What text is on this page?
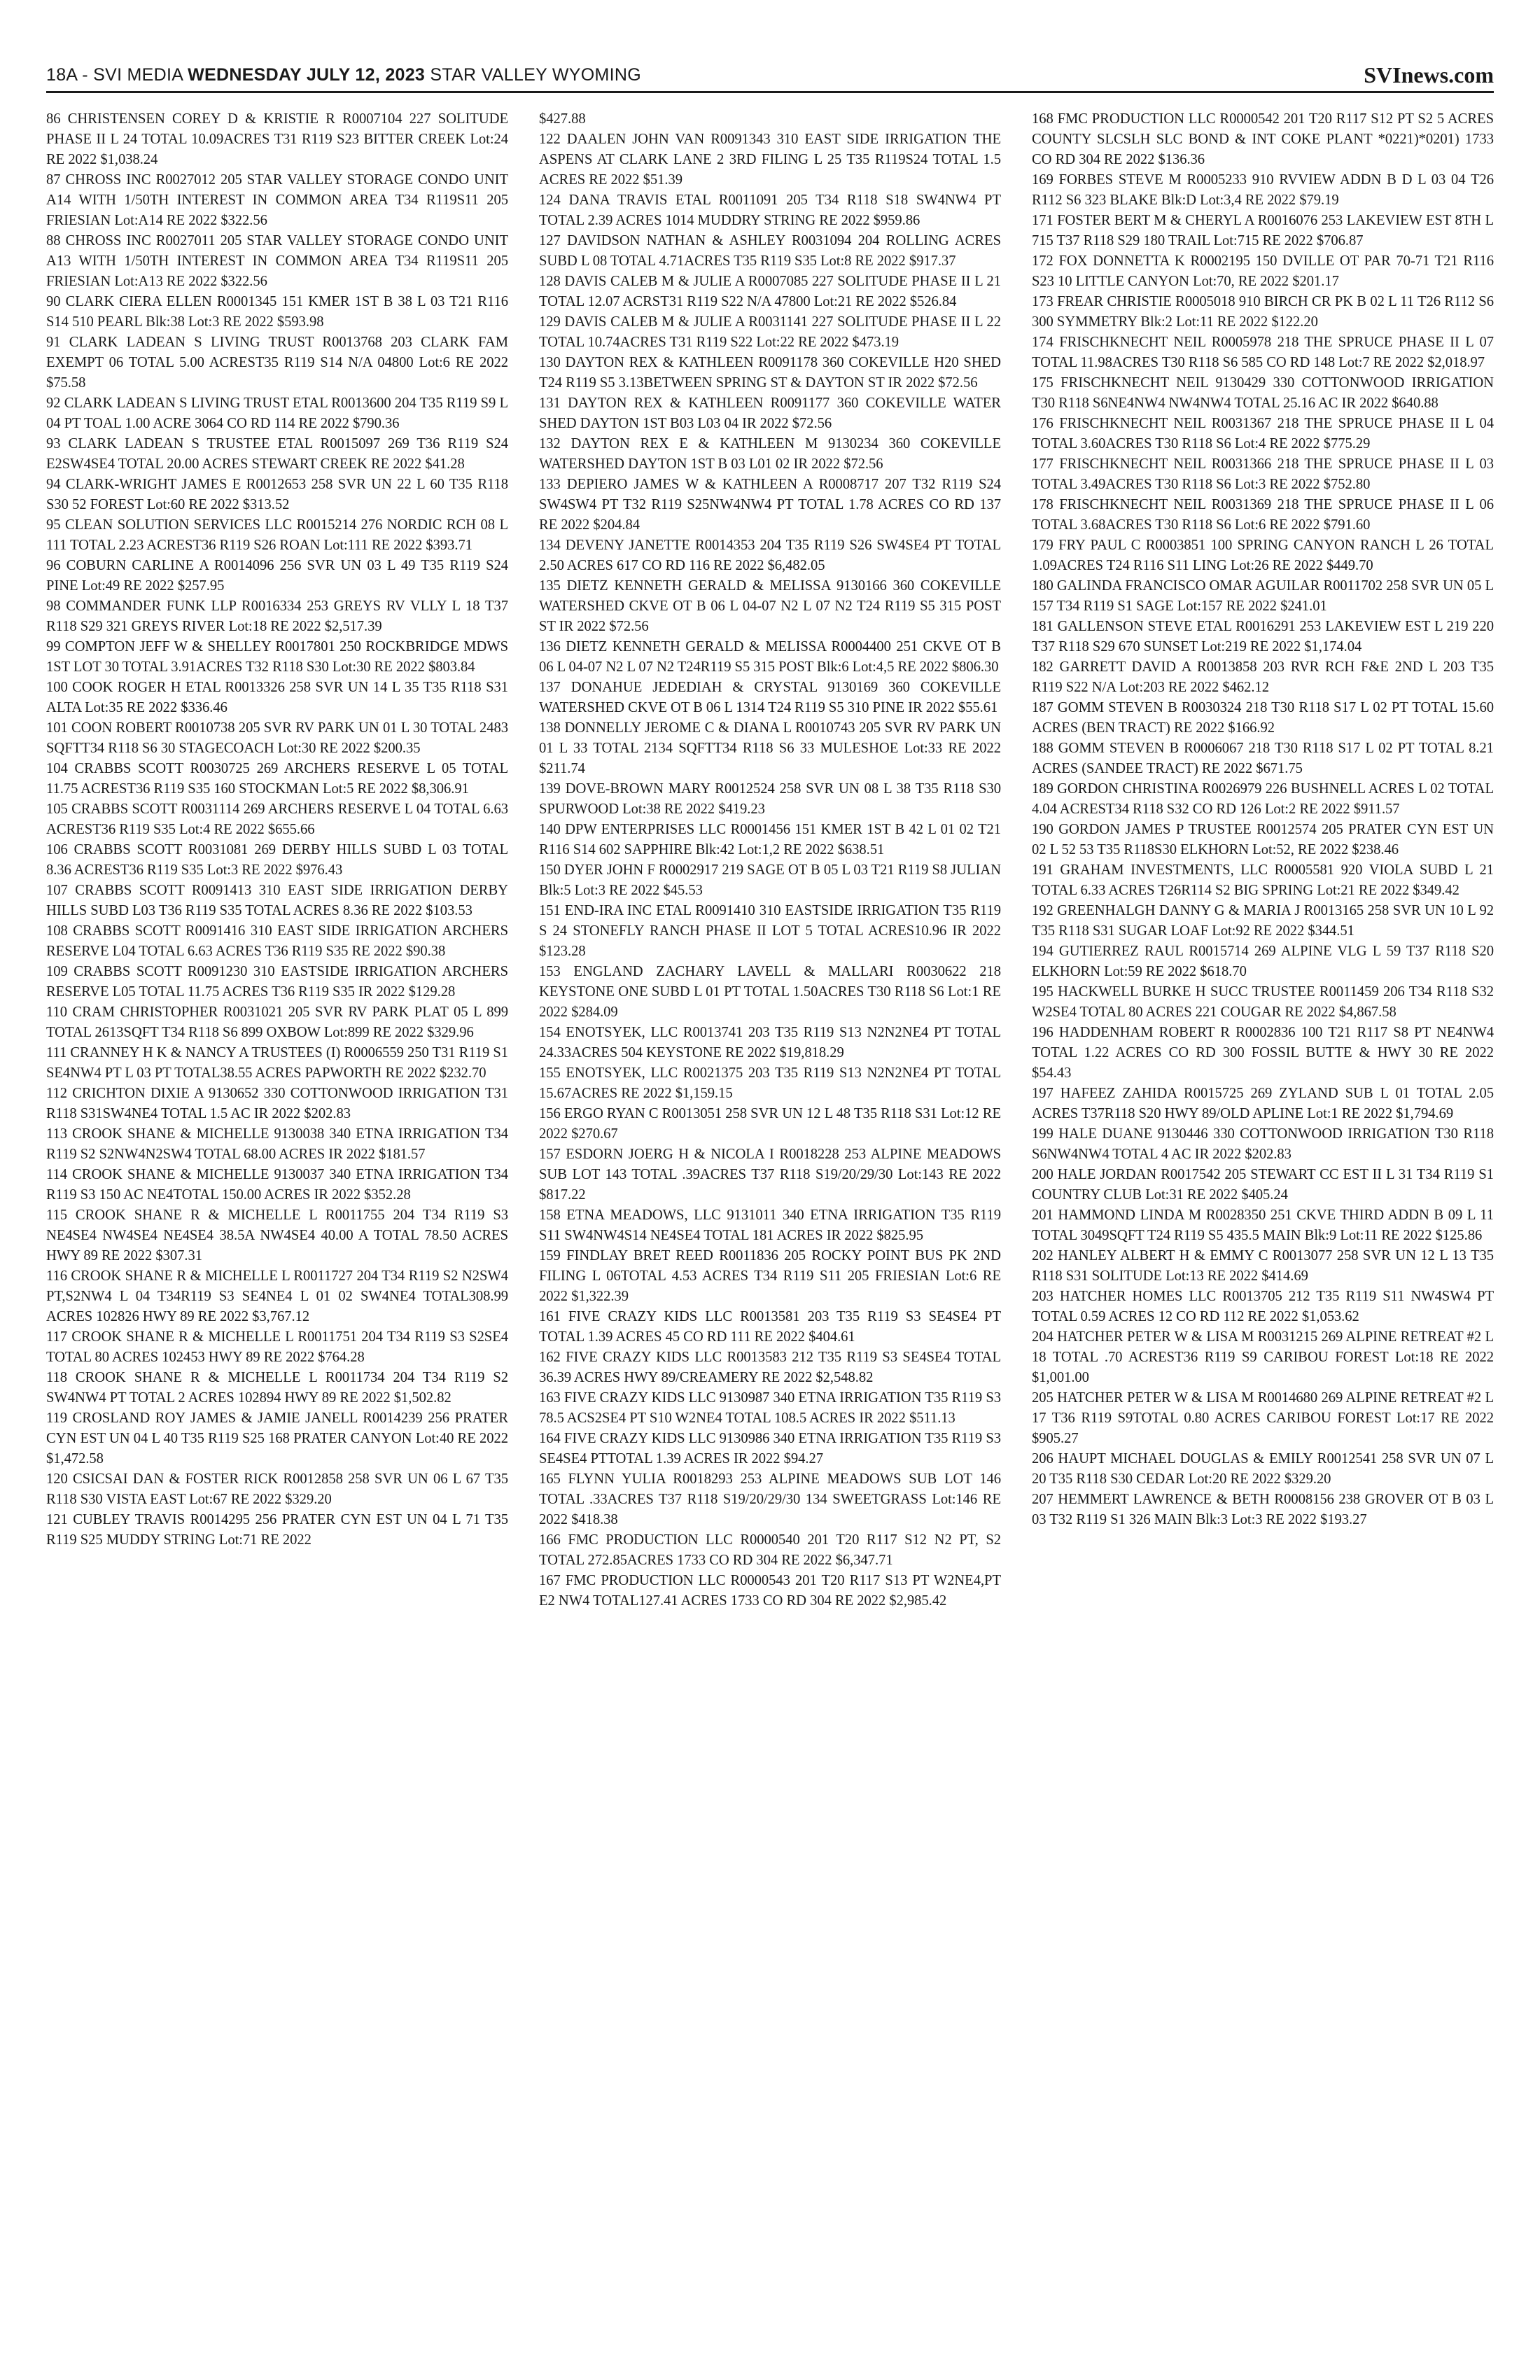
18A - SVI MEDIA WEDNESDAY JULY 12, 2023 STAR VALLEY WYOMING	SVInews.com

86 CHRISTENSEN COREY D & KRISTIE R R0007104 227 SOLITUDE PHASE II L 24 TOTAL 10.09ACRES T31 R119 S23 BITTER CREEK Lot:24 RE 2022 $1,038.24

87 CHROSS INC R0027012 205 STAR VALLEY STORAGE CONDO UNIT A14 WITH 1/50TH INTEREST IN COMMON AREA T34 R119S11 205 FRIESIAN Lot:A14 RE 2022 $322.56

88 CHROSS INC R0027011 205 STAR VALLEY STORAGE CONDO UNIT A13 WITH 1/50TH INTEREST IN COMMON AREA T34 R119S11 205 FRIESIAN Lot:A13 RE 2022 $322.56

90 CLARK CIERA ELLEN R0001345 151 KMER 1ST B 38 L 03 T21 R116 S14 510 PEARL Blk:38 Lot:3 RE 2022 $593.98

91 CLARK LADEAN S LIVING TRUST R0013768 203 CLARK FAM EXEMPT 06 TOTAL 5.00 ACREST35 R119 S14 N/A 04800 Lot:6 RE 2022 $75.58

92 CLARK LADEAN S LIVING TRUST ETAL R0013600 204 T35 R119 S9 L 04 PT TOAL 1.00 ACRE 3064 CO RD 114 RE 2022 $790.36

93 CLARK LADEAN S TRUSTEE ETAL R0015097 269 T36 R119 S24 E2SW4SE4 TOTAL 20.00 ACRES STEWART CREEK RE 2022 $41.28

94 CLARK-WRIGHT JAMES E R0012653 258 SVR UN 22 L 60 T35 R118 S30 52 FOREST Lot:60 RE 2022 $313.52

95 CLEAN SOLUTION SERVICES LLC R0015214 276 NORDIC RCH 08 L 111 TOTAL 2.23 ACREST36 R119 S26 ROAN Lot:111 RE 2022 $393.71

96 COBURN CARLINE A R0014096 256 SVR UN 03 L 49 T35 R119 S24 PINE Lot:49 RE 2022 $257.95

98 COMMANDER FUNK LLP R0016334 253 GREYS RV VLLY L 18 T37 R118 S29 321 GREYS RIVER Lot:18 RE 2022 $2,517.39

99 COMPTON JEFF W & SHELLEY R0017801 250 ROCKBRIDGE MDWS 1ST LOT 30 TOTAL 3.91ACRES T32 R118 S30 Lot:30 RE 2022 $803.84

100 COOK ROGER H ETAL R0013326 258 SVR UN 14 L 35 T35 R118 S31 ALTA Lot:35 RE 2022 $336.46

101 COON ROBERT R0010738 205 SVR RV PARK UN 01 L 30 TOTAL 2483 SQFTT34 R118 S6 30 STAGECOACH Lot:30 RE 2022 $200.35

104 CRABBS SCOTT R0030725 269 ARCHERS RESERVE L 05 TOTAL 11.75 ACREST36 R119 S35 160 STOCKMAN Lot:5 RE 2022 $8,306.91

105 CRABBS SCOTT R0031114 269 ARCHERS RESERVE L 04 TOTAL 6.63 ACREST36 R119 S35 Lot:4 RE 2022 $655.66

106 CRABBS SCOTT R0031081 269 DERBY HILLS SUBD L 03 TOTAL 8.36 ACREST36 R119 S35 Lot:3 RE 2022 $976.43

107 CRABBS SCOTT R0091413 310 EAST SIDE IRRIGATION DERBY HILLS SUBD L03 T36 R119 S35 TOTAL ACRES 8.36 RE 2022 $103.53

108 CRABBS SCOTT R0091416 310 EAST SIDE IRRIGATION ARCHERS RESERVE L04 TOTAL 6.63 ACRES T36 R119 S35 RE 2022 $90.38

109 CRABBS SCOTT R0091230 310 EASTSIDE IRRIGATION ARCHERS RESERVE L05 TOTAL 11.75 ACRES T36 R119 S35 IR 2022 $129.28

110 CRAM CHRISTOPHER R0031021 205 SVR RV PARK PLAT 05 L 899 TOTAL 2613SQFT T34 R118 S6 899 OXBOW Lot:899 RE 2022 $329.96

111 CRANNEY H K & NANCY A TRUSTEES (I) R0006559 250 T31 R119 S1 SE4NW4 PT L 03 PT TOTAL38.55 ACRES PAPWORTH RE 2022 $232.70

112 CRICHTON DIXIE A 9130652 330 COTTONWOOD IRRIGATION T31 R118 S31SW4NE4 TOTAL 1.5 AC IR 2022 $202.83

113 CROOK SHANE & MICHELLE 9130038 340 ETNA IRRIGATION T34 R119 S2 S2NW4N2SW4 TOTAL 68.00 ACRES IR 2022 $181.57

114 CROOK SHANE & MICHELLE 9130037 340 ETNA IRRIGATION T34 R119 S3 150 AC NE4TOTAL 150.00 ACRES IR 2022 $352.28

115 CROOK SHANE R & MICHELLE L R0011755 204 T34 R119 S3 NE4SE4 NW4SE4 NE4SE4 38.5A NW4SE4 40.00 A TOTAL 78.50 ACRES HWY 89 RE 2022 $307.31

116 CROOK SHANE R & MICHELLE L R0011727 204 T34 R119 S2 N2SW4 PT,S2NW4 L 04 T34R119 S3 SE4NE4 L 01 02 SW4NE4 TOTAL308.99 ACRES 102826 HWY 89 RE 2022 $3,767.12

117 CROOK SHANE R & MICHELLE L R0011751 204 T34 R119 S3 S2SE4 TOTAL 80 ACRES 102453 HWY 89 RE 2022 $764.28

118 CROOK SHANE R & MICHELLE L R0011734 204 T34 R119 S2 SW4NW4 PT TOTAL 2 ACRES 102894 HWY 89 RE 2022 $1,502.82

119 CROSLAND ROY JAMES & JAMIE JANELL R0014239 256 PRATER CYN EST UN 04 L 40 T35 R119 S25 168 PRATER CANYON Lot:40 RE 2022 $1,472.58

120 CSICSAI DAN & FOSTER RICK R0012858 258 SVR UN 06 L 67 T35 R118 S30 VISTA EAST Lot:67 RE 2022 $329.20

121 CUBLEY TRAVIS R0014295 256 PRATER CYN EST UN 04 L 71 T35 R119 S25 MUDDY STRING Lot:71 RE 2022

$427.88

122 DAALEN JOHN VAN R0091343 310 EAST SIDE IRRIGATION THE ASPENS AT CLARK LANE 2 3RD FILING L 25 T35 R119S24 TOTAL 1.5 ACRES RE 2022 $51.39

124 DANA TRAVIS ETAL R0011091 205 T34 R118 S18 SW4NW4 PT TOTAL 2.39 ACRES 1014 MUDDRY STRING RE 2022 $959.86

127 DAVIDSON NATHAN & ASHLEY R0031094 204 ROLLING ACRES SUBD L 08 TOTAL 4.71ACRES T35 R119 S35 Lot:8 RE 2022 $917.37

128 DAVIS CALEB M & JULIE A R0007085 227 SOLITUDE PHASE II L 21 TOTAL 12.07 ACRST31 R119 S22 N/A 47800 Lot:21 RE 2022 $526.84

129 DAVIS CALEB M & JULIE A R0031141 227 SOLITUDE PHASE II L 22 TOTAL 10.74ACRES T31 R119 S22 Lot:22 RE 2022 $473.19

130 DAYTON REX & KATHLEEN R0091178 360 COKEVILLE H20 SHED T24 R119 S5 3.13BETWEEN SPRING ST & DAYTON ST IR 2022 $72.56

131 DAYTON REX & KATHLEEN R0091177 360 COKEVILLE WATER SHED DAYTON 1ST B03 L03 04 IR 2022 $72.56

132 DAYTON REX E & KATHLEEN M 9130234 360 COKEVILLE WATERSHED DAYTON 1ST B 03 L01 02 IR 2022 $72.56

133 DEPIERO JAMES W & KATHLEEN A R0008717 207 T32 R119 S24 SW4SW4 PT T32 R119 S25NW4NW4 PT TOTAL 1.78 ACRES CO RD 137 RE 2022 $204.84

134 DEVENY JANETTE R0014353 204 T35 R119 S26 SW4SE4 PT TOTAL 2.50 ACRES 617 CO RD 116 RE 2022 $6,482.05

135 DIETZ KENNETH GERALD & MELISSA 9130166 360 COKEVILLE WATERSHED CKVE OT B 06 L 04-07 N2 L 07 N2 T24 R119 S5 315 POST ST IR 2022 $72.56

136 DIETZ KENNETH GERALD & MELISSA R0004400 251 CKVE OT B 06 L 04-07 N2 L 07 N2 T24R119 S5 315 POST Blk:6 Lot:4,5 RE 2022 $806.30

137 DONAHUE JEDEDIAH & CRYSTAL 9130169 360 COKEVILLE WATERSHED CKVE OT B 06 L 1314 T24 R119 S5 310 PINE IR 2022 $55.61

138 DONNELLY JEROME C & DIANA L R0010743 205 SVR RV PARK UN 01 L 33 TOTAL 2134 SQFTT34 R118 S6 33 MULESHOE Lot:33 RE 2022 $211.74

139 DOVE-BROWN MARY R0012524 258 SVR UN 08 L 38 T35 R118 S30 SPURWOOD Lot:38 RE 2022 $419.23

140 DPW ENTERPRISES LLC R0001456 151 KMER 1ST B 42 L 01 02 T21 R116 S14 602 SAPPHIRE Blk:42 Lot:1,2 RE 2022 $638.51

150 DYER JOHN F R0002917 219 SAGE OT B 05 L 03 T21 R119 S8 JULIAN Blk:5 Lot:3 RE 2022 $45.53

151 END-IRA INC ETAL R0091410 310 EASTSIDE IRRIGATION T35 R119 S 24 STONEFLY RANCH PHASE II LOT 5 TOTAL ACRES10.96 IR 2022 $123.28

153 ENGLAND ZACHARY LAVELL & MALLARI R0030622 218 KEYSTONE ONE SUBD L 01 PT TOTAL 1.50ACRES T30 R118 S6 Lot:1 RE 2022 $284.09

154 ENOTSYEK, LLC R0013741 203 T35 R119 S13 N2N2NE4 PT TOTAL 24.33ACRES 504 KEYSTONE RE 2022 $19,818.29

155 ENOTSYEK, LLC R0021375 203 T35 R119 S13 N2N2NE4 PT TOTAL 15.67ACRES RE 2022 $1,159.15

156 ERGO RYAN C R0013051 258 SVR UN 12 L 48 T35 R118 S31 Lot:12 RE 2022 $270.67

157 ESDORN JOERG H & NICOLA I R0018228 253 ALPINE MEADOWS SUB LOT 143 TOTAL .39ACRES T37 R118 S19/20/29/30 Lot:143 RE 2022 $817.22

158 ETNA MEADOWS, LLC 9131011 340 ETNA IRRIGATION T35 R119 S11 SW4NW4S14 NE4SE4 TOTAL 181 ACRES IR 2022 $825.95

159 FINDLAY BRET REED R0011836 205 ROCKY POINT BUS PK 2ND FILING L 06TOTAL 4.53 ACRES T34 R119 S11 205 FRIESIAN Lot:6 RE 2022 $1,322.39

161 FIVE CRAZY KIDS LLC R0013581 203 T35 R119 S3 SE4SE4 PT TOTAL 1.39 ACRES 45 CO RD 111 RE 2022 $404.61

162 FIVE CRAZY KIDS LLC R0013583 212 T35 R119 S3 SE4SE4 TOTAL 36.39 ACRES HWY 89/CREAMERY RE 2022 $2,548.82

163 FIVE CRAZY KIDS LLC 9130987 340 ETNA IRRIGATION T35 R119 S3 78.5 ACS2SE4 PT S10 W2NE4 TOTAL 108.5 ACRES IR 2022 $511.13

164 FIVE CRAZY KIDS LLC 9130986 340 ETNA IRRIGATION T35 R119 S3 SE4SE4 PTTOTAL 1.39 ACRES IR 2022 $94.27

165 FLYNN YULIA R0018293 253 ALPINE MEADOWS SUB LOT 146 TOTAL .33ACRES T37 R118 S19/20/29/30 134 SWEETGRASS Lot:146 RE 2022 $418.38

166 FMC PRODUCTION LLC R0000540 201 T20 R117 S12 N2 PT, S2 TOTAL 272.85ACRES 1733 CO RD 304 RE 2022 $6,347.71

167 FMC PRODUCTION LLC R0000543 201 T20 R117 S13 PT W2NE4,PT E2 NW4 TOTAL127.41 ACRES 1733 CO RD 304 RE 2022 $2,985.42

168 FMC PRODUCTION LLC R0000542 201 T20 R117 S12 PT S2 5 ACRES COUNTY SLCSLH SLC BOND & INT COKE PLANT *0221)*0201) 1733 CO RD 304 RE 2022 $136.36

169 FORBES STEVE M R0005233 910 RVVIEW ADDN B D L 03 04 T26 R112 S6 323 BLAKE Blk:D Lot:3,4 RE 2022 $79.19

171 FOSTER BERT M & CHERYL A R0016076 253 LAKEVIEW EST 8TH L 715 T37 R118 S29 180 TRAIL Lot:715 RE 2022 $706.87

172 FOX DONNETTA K R0002195 150 DVILLE OT PAR 70-71 T21 R116 S23 10 LITTLE CANYON Lot:70, RE 2022 $201.17

173 FREAR CHRISTIE R0005018 910 BIRCH CR PK B 02 L 11 T26 R112 S6 300 SYMMETRY Blk:2 Lot:11 RE 2022 $122.20

174 FRISCHKNECHT NEIL R0005978 218 THE SPRUCE PHASE II L 07 TOTAL 11.98ACRES T30 R118 S6 585 CO RD 148 Lot:7 RE 2022 $2,018.97

175 FRISCHKNECHT NEIL 9130429 330 COTTONWOOD IRRIGATION T30 R118 S6NE4NW4 NW4NW4 TOTAL 25.16 AC IR 2022 $640.88

176 FRISCHKNECHT NEIL R0031367 218 THE SPRUCE PHASE II L 04 TOTAL 3.60ACRES T30 R118 S6 Lot:4 RE 2022 $775.29

177 FRISCHKNECHT NEIL R0031366 218 THE SPRUCE PHASE II L 03 TOTAL 3.49ACRES T30 R118 S6 Lot:3 RE 2022 $752.80

178 FRISCHKNECHT NEIL R0031369 218 THE SPRUCE PHASE II L 06 TOTAL 3.68ACRES T30 R118 S6 Lot:6 RE 2022 $791.60

179 FRY PAUL C R0003851 100 SPRING CANYON RANCH L 26 TOTAL 1.09ACRES T24 R116 S11 LING Lot:26 RE 2022 $449.70

180 GALINDA FRANCISCO OMAR AGUILAR R0011702 258 SVR UN 05 L 157 T34 R119 S1 SAGE Lot:157 RE 2022 $241.01

181 GALLENSON STEVE ETAL R0016291 253 LAKEVIEW EST L 219 220 T37 R118 S29 670 SUNSET Lot:219 RE 2022 $1,174.04

182 GARRETT DAVID A R0013858 203 RVR RCH F&E 2ND L 203 T35 R119 S22 N/A Lot:203 RE 2022 $462.12

187 GOMM STEVEN B R0030324 218 T30 R118 S17 L 02 PT TOTAL 15.60 ACRES (BEN TRACT) RE 2022 $166.92

188 GOMM STEVEN B R0006067 218 T30 R118 S17 L 02 PT TOTAL 8.21 ACRES (SANDEE TRACT) RE 2022 $671.75

189 GORDON CHRISTINA R0026979 226 BUSHNELL ACRES L 02 TOTAL 4.04 ACREST34 R118 S32 CO RD 126 Lot:2 RE 2022 $911.57

190 GORDON JAMES P TRUSTEE R0012574 205 PRATER CYN EST UN 02 L 52 53 T35 R118S30 ELKHORN Lot:52, RE 2022 $238.46

191 GRAHAM INVESTMENTS, LLC R0005581 920 VIOLA SUBD L 21 TOTAL 6.33 ACRES T26R114 S2 BIG SPRING Lot:21 RE 2022 $349.42

192 GREENHALGH DANNY G & MARIA J R0013165 258 SVR UN 10 L 92 T35 R118 S31 SUGAR LOAF Lot:92 RE 2022 $344.51

194 GUTIERREZ RAUL R0015714 269 ALPINE VLG L 59 T37 R118 S20 ELKHORN Lot:59 RE 2022 $618.70

195 HACKWELL BURKE H SUCC TRUSTEE R0011459 206 T34 R118 S32 W2SE4 TOTAL 80 ACRES 221 COUGAR RE 2022 $4,867.58

196 HADDENHAM ROBERT R R0002836 100 T21 R117 S8 PT NE4NW4 TOTAL 1.22 ACRES CO RD 300 FOSSIL BUTTE & HWY 30 RE 2022 $54.43

197 HAFEEZ ZAHIDA R0015725 269 ZYLAND SUB L 01 TOTAL 2.05 ACRES T37R118 S20 HWY 89/OLD APLINE Lot:1 RE 2022 $1,794.69

199 HALE DUANE 9130446 330 COTTONWOOD IRRIGATION T30 R118 S6NW4NW4 TOTAL 4 AC IR 2022 $202.83

200 HALE JORDAN R0017542 205 STEWART CC EST II L 31 T34 R119 S1 COUNTRY CLUB Lot:31 RE 2022 $405.24

201 HAMMOND LINDA M R0028350 251 CKVE THIRD ADDN B 09 L 11 TOTAL 3049SQFT T24 R119 S5 435.5 MAIN Blk:9 Lot:11 RE 2022 $125.86

202 HANLEY ALBERT H & EMMY C R0013077 258 SVR UN 12 L 13 T35 R118 S31 SOLITUDE Lot:13 RE 2022 $414.69

203 HATCHER HOMES LLC R0013705 212 T35 R119 S11 NW4SW4 PT TOTAL 0.59 ACRES 12 CO RD 112 RE 2022 $1,053.62

204 HATCHER PETER W & LISA M R0031215 269 ALPINE RETREAT #2 L 18 TOTAL .70 ACREST36 R119 S9 CARIBOU FOREST Lot:18 RE 2022 $1,001.00

205 HATCHER PETER W & LISA M R0014680 269 ALPINE RETREAT #2 L 17 T36 R119 S9TOTAL 0.80 ACRES CARIBOU FOREST Lot:17 RE 2022 $905.27

206 HAUPT MICHAEL DOUGLAS & EMILY R0012541 258 SVR UN 07 L 20 T35 R118 S30 CEDAR Lot:20 RE 2022 $329.20

207 HEMMERT LAWRENCE & BETH R0008156 238 GROVER OT B 03 L 03 T32 R119 S1 326 MAIN Blk:3 Lot:3 RE 2022 $193.27
